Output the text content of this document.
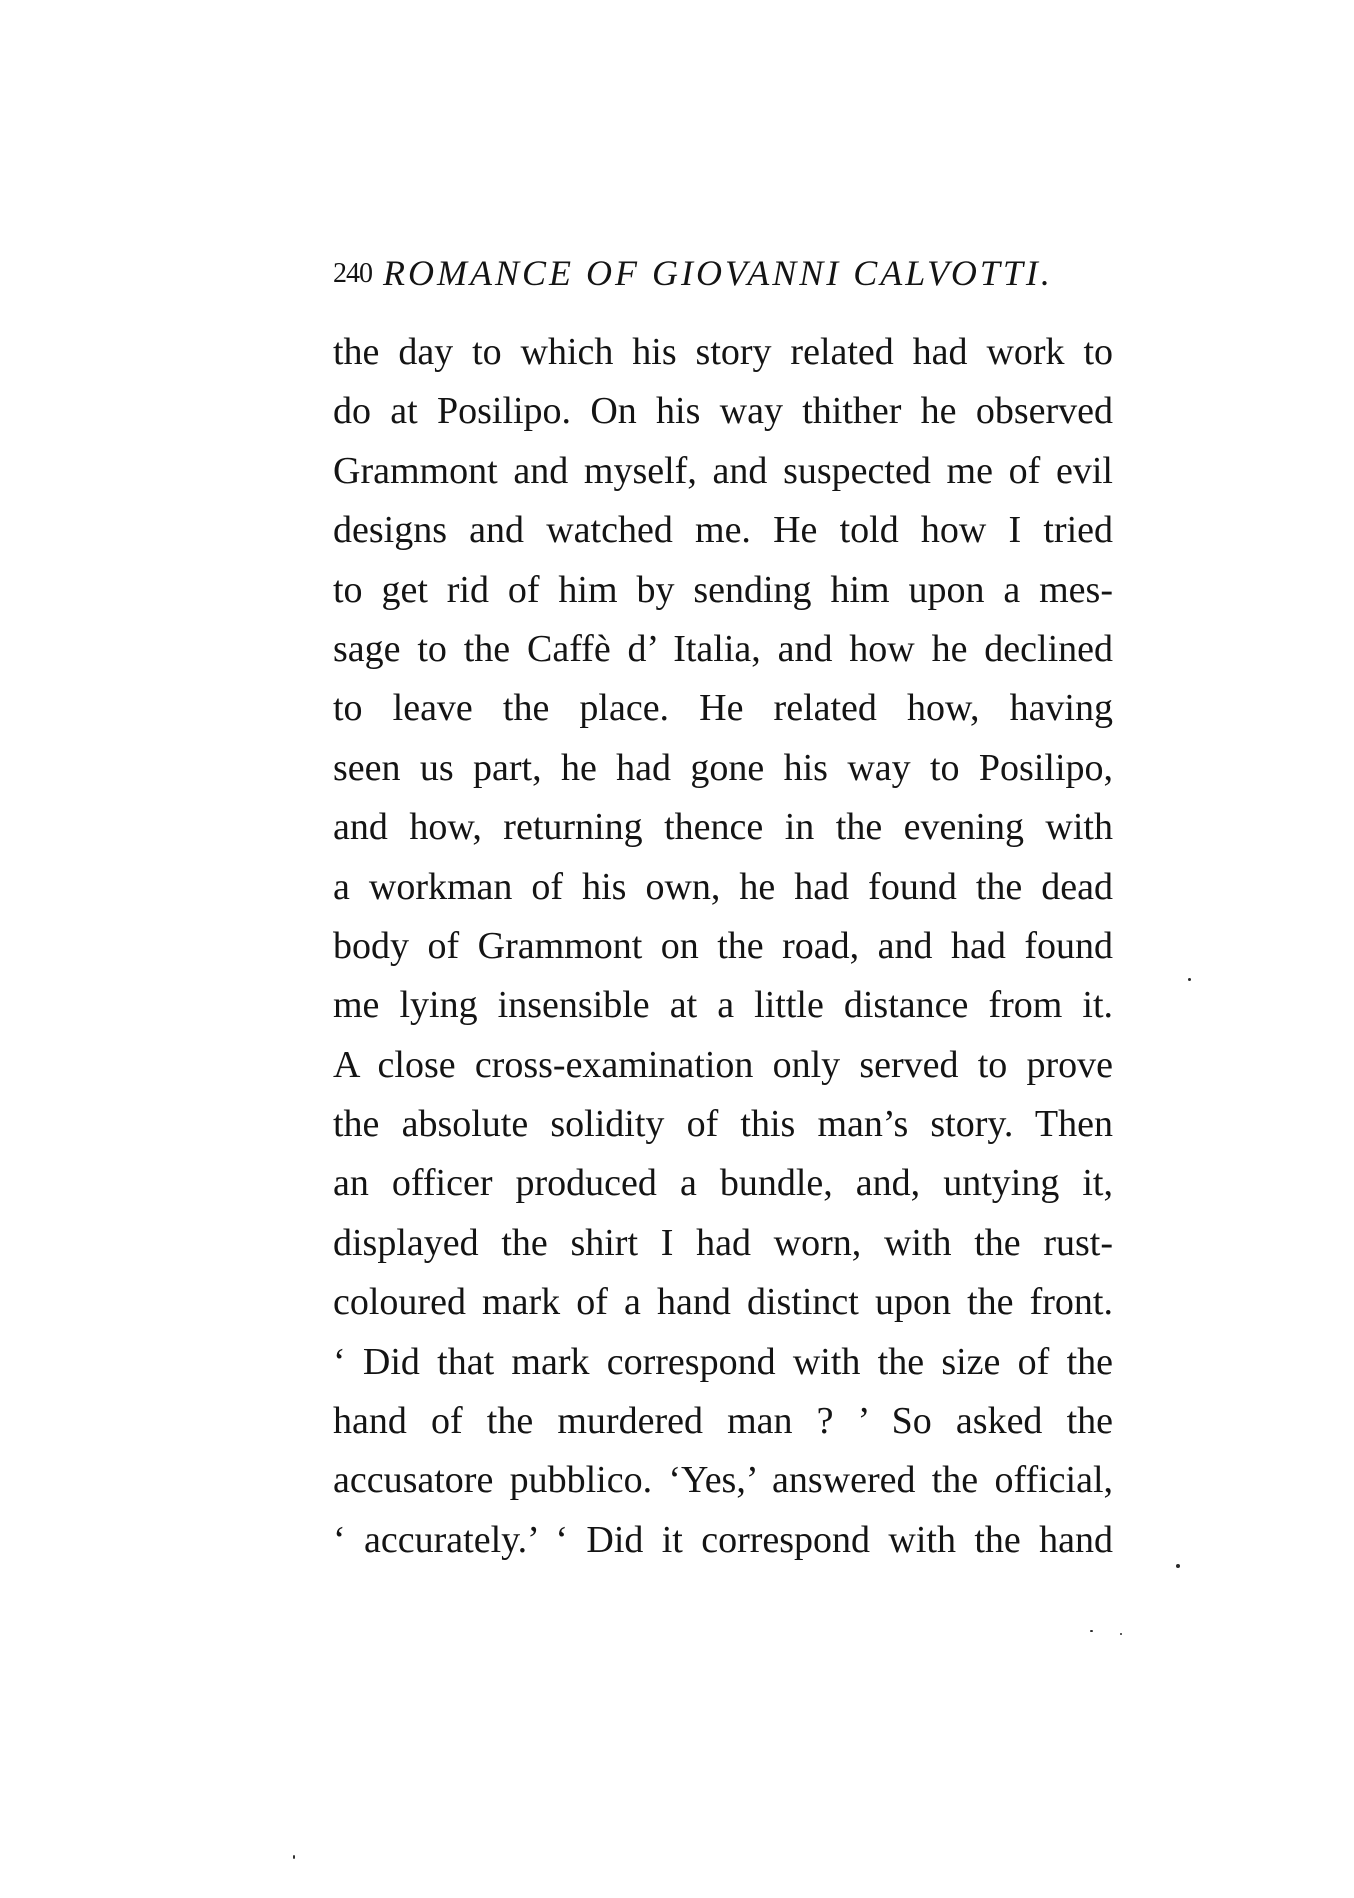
240 ROMANCE OF GIOVANNI CALVOTTI.
the day to which his story related had work to
do at Posilipo. On his way thither he observed
Grammont and myself, and suspected me of evil
designs and watched me. He told how I tried
to get rid of him by sending him upon a mes-
sage to the Caffè d’ Italia, and how he declined
to leave the place. He related how, having
seen us part, he had gone his way to Posilipo,
and how, returning thence in the evening with
a workman of his own, he had found the dead
body of Grammont on the road, and had found
me lying insensible at a little distance from it.
A close cross-examination only served to prove
the absolute solidity of this man’s story. Then
an officer produced a bundle, and, untying it,
displayed the shirt I had worn, with the rust-
coloured mark of a hand distinct upon the front.
‘ Did that mark correspond with the size of the
hand of the murdered man ? ’ So asked the
accusatore pubblico. ‘Yes,’ answered the official,
‘ accurately.’ ‘ Did it correspond with the hand
